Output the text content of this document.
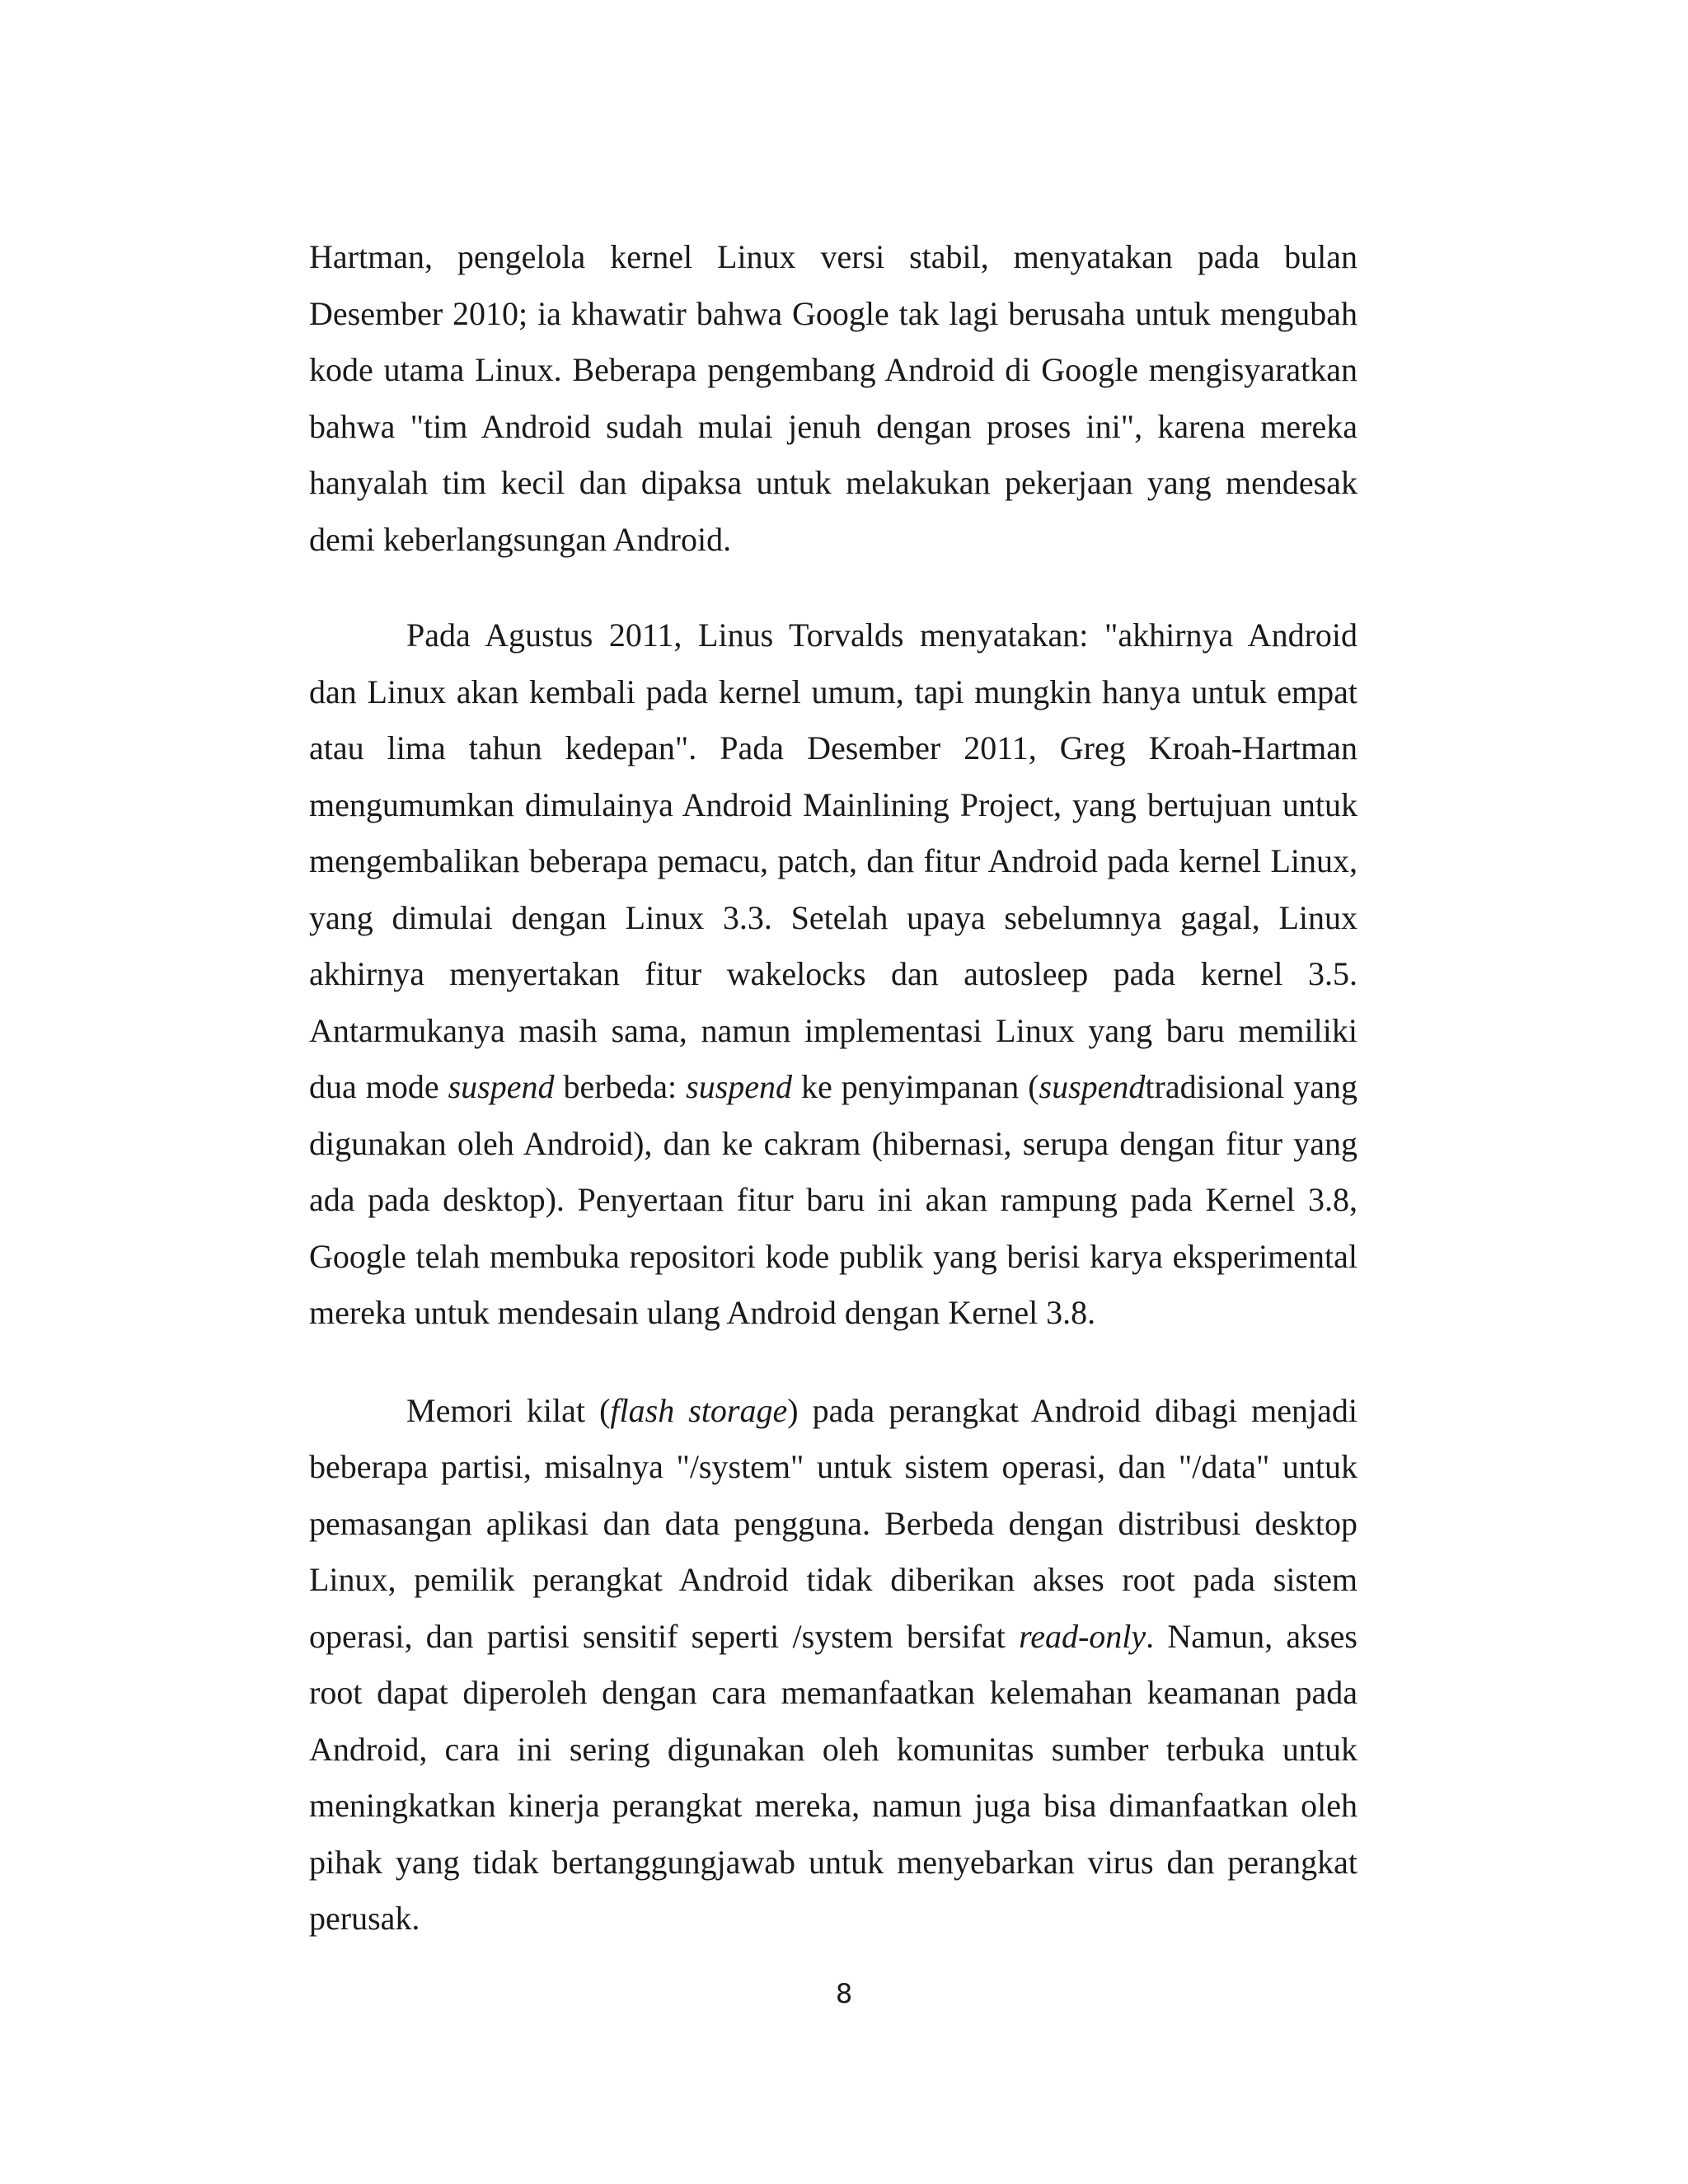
Hartman, pengelola kernel Linux versi stabil, menyatakan pada bulan Desember 2010; ia khawatir bahwa Google tak lagi berusaha untuk mengubah kode utama Linux. Beberapa pengembang Android di Google mengisyaratkan bahwa "tim Android sudah mulai jenuh dengan proses ini", karena mereka hanyalah tim kecil dan dipaksa untuk melakukan pekerjaan yang mendesak demi keberlangsungan Android.

Pada Agustus 2011, Linus Torvalds menyatakan: "akhirnya Android dan Linux akan kembali pada kernel umum, tapi mungkin hanya untuk empat atau lima tahun kedepan". Pada Desember 2011, Greg Kroah-Hartman mengumumkan dimulainya Android Mainlining Project, yang bertujuan untuk mengembalikan beberapa pemacu, patch, dan fitur Android pada kernel Linux, yang dimulai dengan Linux 3.3. Setelah upaya sebelumnya gagal, Linux akhirnya menyertakan fitur wakelocks dan autosleep pada kernel 3.5. Antarmukanya masih sama, namun implementasi Linux yang baru memiliki dua mode suspend berbeda: suspend ke penyimpanan (suspendtradisional yang digunakan oleh Android), dan ke cakram (hibernasi, serupa dengan fitur yang ada pada desktop). Penyertaan fitur baru ini akan rampung pada Kernel 3.8, Google telah membuka repositori kode publik yang berisi karya eksperimental mereka untuk mendesain ulang Android dengan Kernel 3.8.

Memori kilat (flash storage) pada perangkat Android dibagi menjadi beberapa partisi, misalnya "/system" untuk sistem operasi, dan "/data" untuk pemasangan aplikasi dan data pengguna. Berbeda dengan distribusi desktop Linux, pemilik perangkat Android tidak diberikan akses root pada sistem operasi, dan partisi sensitif seperti /system bersifat read-only. Namun, akses root dapat diperoleh dengan cara memanfaatkan kelemahan keamanan pada Android, cara ini sering digunakan oleh komunitas sumber terbuka untuk meningkatkan kinerja perangkat mereka, namun juga bisa dimanfaatkan oleh pihak yang tidak bertanggungjawab untuk menyebarkan virus dan perangkat perusak.

8
